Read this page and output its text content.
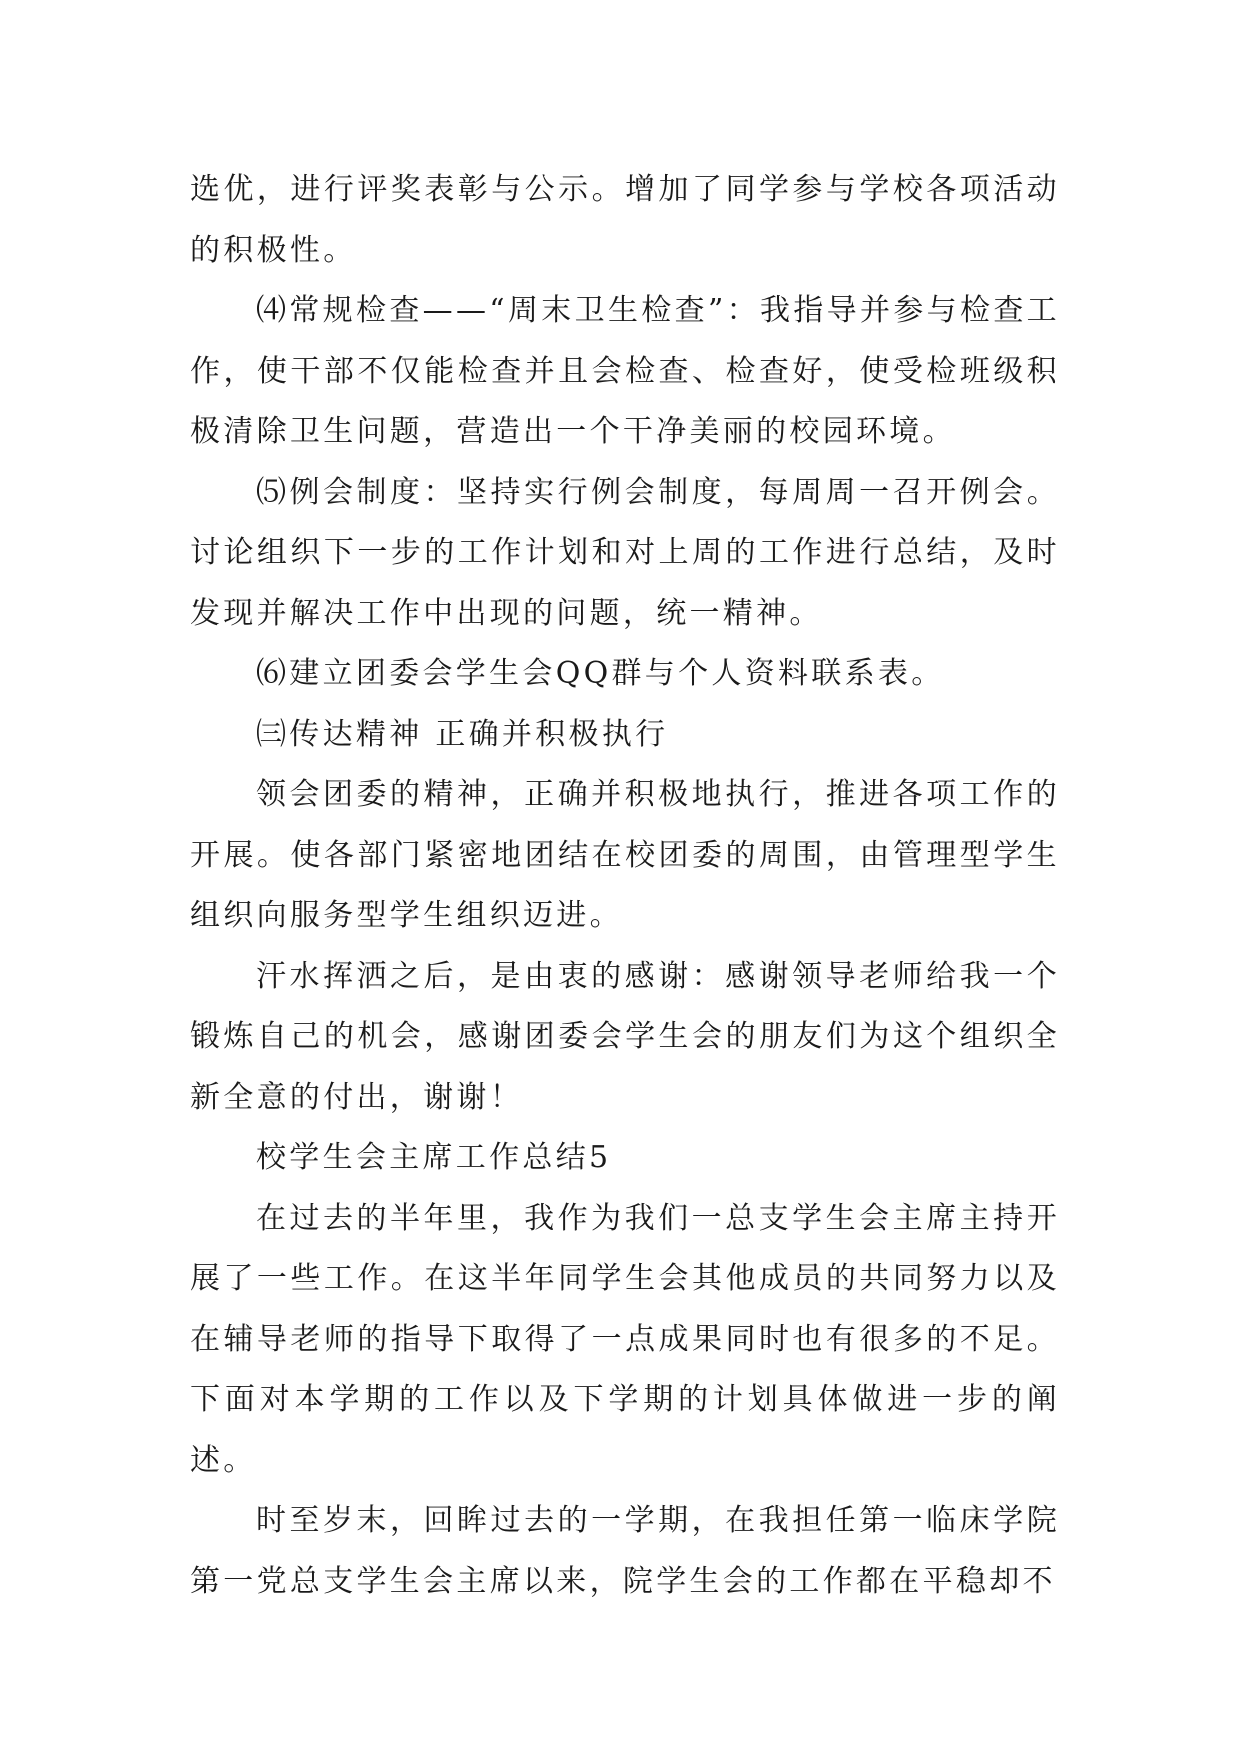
选优，进行评奖表彰与公示。增加了同学参与学校各项活动的积极性。

⑷常规检查——“周末卫生检查”：我指导并参与检查工作，使干部不仅能检查并且会检查、检查好，使受检班级积极清除卫生问题，营造出一个干净美丽的校园环境。

⑸例会制度：坚持实行例会制度，每周周一召开例会。讨论组织下一步的工作计划和对上周的工作进行总结，及时发现并解决工作中出现的问题，统一精神。

⑹建立团委会学生会QQ群与个人资料联系表。

㈢传达精神 正确并积极执行

领会团委的精神，正确并积极地执行，推进各项工作的开展。使各部门紧密地团结在校团委的周围，由管理型学生组织向服务型学生组织迈进。

汗水挥洒之后，是由衷的感谢：感谢领导老师给我一个锻炼自己的机会，感谢团委会学生会的朋友们为这个组织全新全意的付出，谢谢！

校学生会主席工作总结5

在过去的半年里，我作为我们一总支学生会主席主持开展了一些工作。在这半年同学生会其他成员的共同努力以及在辅导老师的指导下取得了一点成果同时也有很多的不足。下面对本学期的工作以及下学期的计划具体做进一步的阐述。

时至岁末，回眸过去的一学期，在我担任第一临床学院第一党总支学生会主席以来，院学生会的工作都在平稳却不
